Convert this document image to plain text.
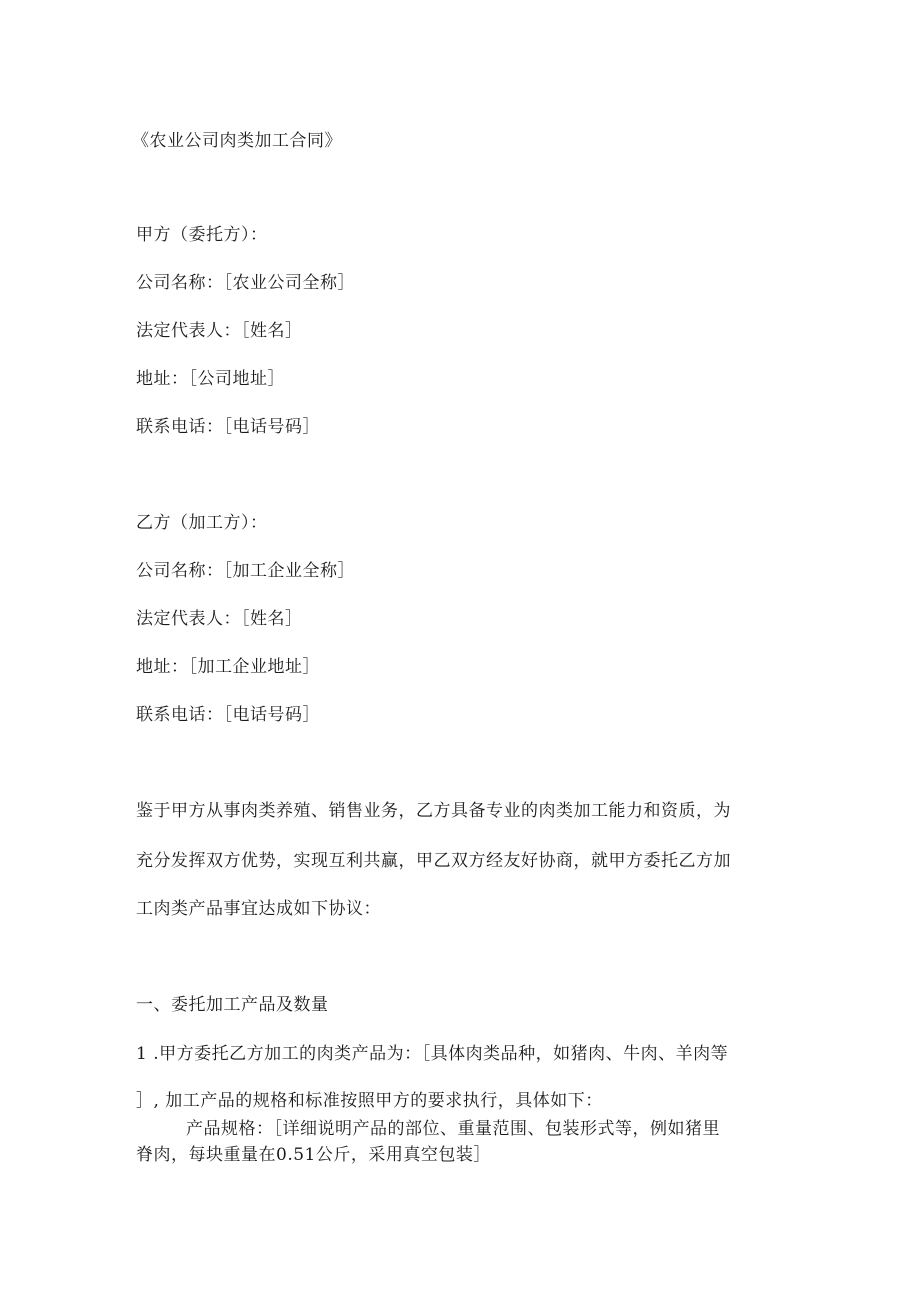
《农业公司肉类加工合同》
甲方（委托方）：
公司名称：［农业公司全称］
法定代表人：［姓名］
地址：［公司地址］
联系电话：［电话号码］
乙方（加工方）：
公司名称：［加工企业全称］
法定代表人：［姓名］
地址：［加工企业地址］
联系电话：［电话号码］
鉴于甲方从事肉类养殖、销售业务，乙方具备专业的肉类加工能力和资质，为
充分发挥双方优势，实现互利共赢，甲乙双方经友好协商，就甲方委托乙方加
工肉类产品事宜达成如下协议：
一、委托加工产品及数量
1 .甲方委托乙方加工的肉类产品为：［具体肉类品种，如猪肉、牛肉、羊肉等
］, 加工产品的规格和标准按照甲方的要求执行，具体如下：
产品规格：［详细说明产品的部位、重量范围、包装形式等，例如猪里
脊肉，每块重量在0.51公斤，采用真空包装］
